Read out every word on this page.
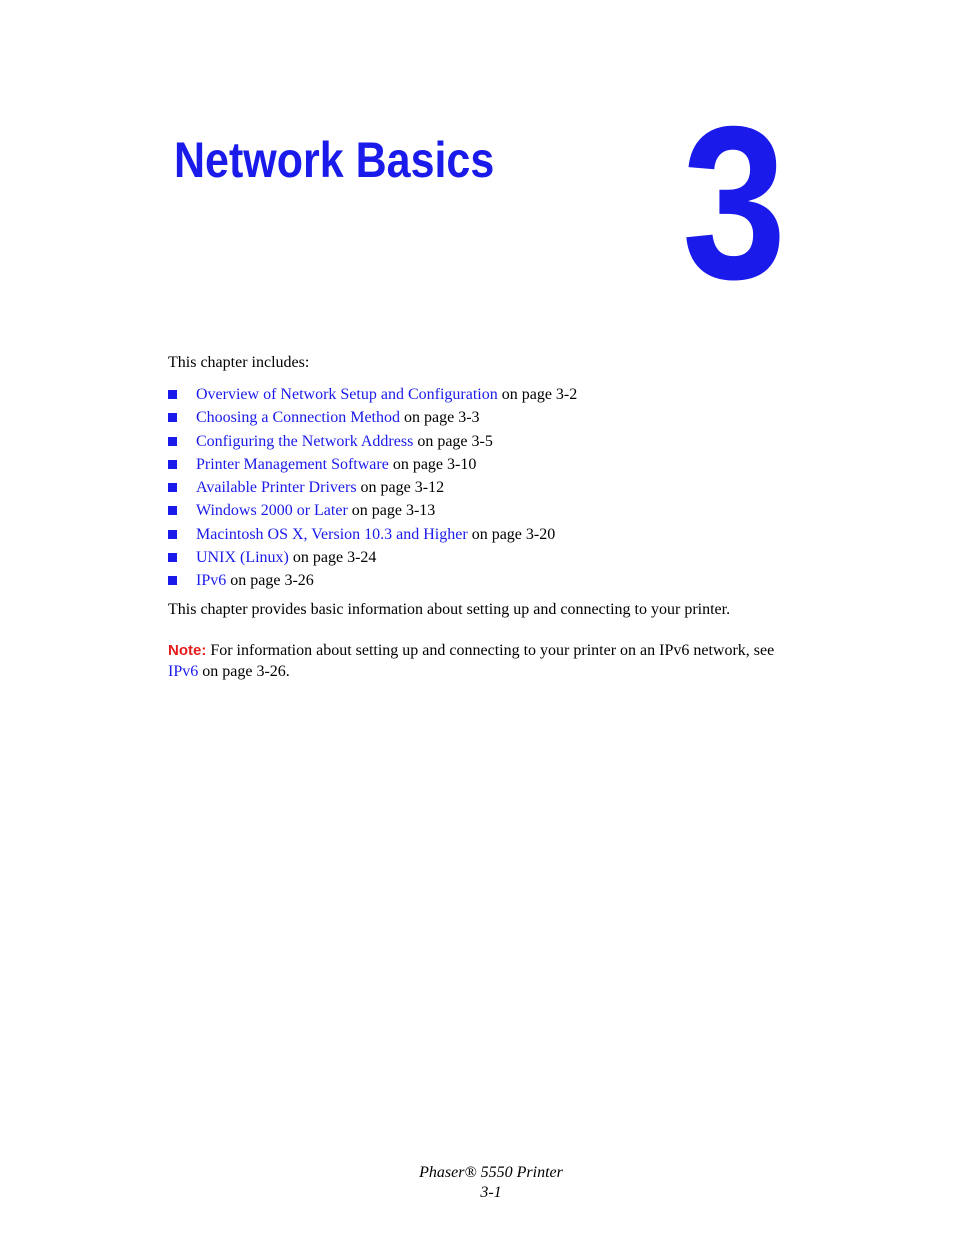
Network Basics 3

This chapter includes:

Overview of Network Setup and Configuration on page 3-2
Choosing a Connection Method on page 3-3
Configuring the Network Address on page 3-5
Printer Management Software on page 3-10
Available Printer Drivers on page 3-12
Windows 2000 or Later on page 3-13
Macintosh OS X, Version 10.3 and Higher on page 3-20
UNIX (Linux) on page 3-24
IPv6 on page 3-26

This chapter provides basic information about setting up and connecting to your printer.

Note: For information about setting up and connecting to your printer on an IPv6 network, see IPv6 on page 3-26.

Phaser® 5550 Printer
3-1
